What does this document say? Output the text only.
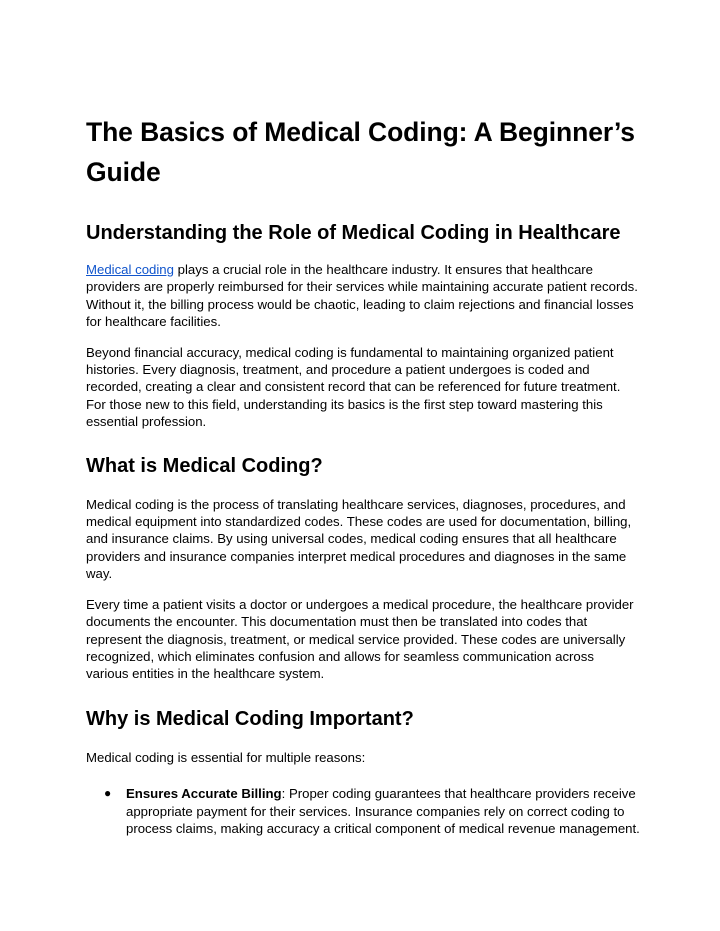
The Basics of Medical Coding: A Beginner’s Guide
Understanding the Role of Medical Coding in Healthcare

Medical coding plays a crucial role in the healthcare industry. It ensures that healthcare providers are properly reimbursed for their services while maintaining accurate patient records. Without it, the billing process would be chaotic, leading to claim rejections and financial losses for healthcare facilities.

Beyond financial accuracy, medical coding is fundamental to maintaining organized patient histories. Every diagnosis, treatment, and procedure a patient undergoes is coded and recorded, creating a clear and consistent record that can be referenced for future treatment. For those new to this field, understanding its basics is the first step toward mastering this essential profession.

What is Medical Coding?

Medical coding is the process of translating healthcare services, diagnoses, procedures, and medical equipment into standardized codes. These codes are used for documentation, billing, and insurance claims. By using universal codes, medical coding ensures that all healthcare providers and insurance companies interpret medical procedures and diagnoses in the same way.

Every time a patient visits a doctor or undergoes a medical procedure, the healthcare provider documents the encounter. This documentation must then be translated into codes that represent the diagnosis, treatment, or medical service provided. These codes are universally recognized, which eliminates confusion and allows for seamless communication across various entities in the healthcare system.

Why is Medical Coding Important?

Medical coding is essential for multiple reasons:

● Ensures Accurate Billing: Proper coding guarantees that healthcare providers receive appropriate payment for their services. Insurance companies rely on correct coding to process claims, making accuracy a critical component of medical revenue management.
